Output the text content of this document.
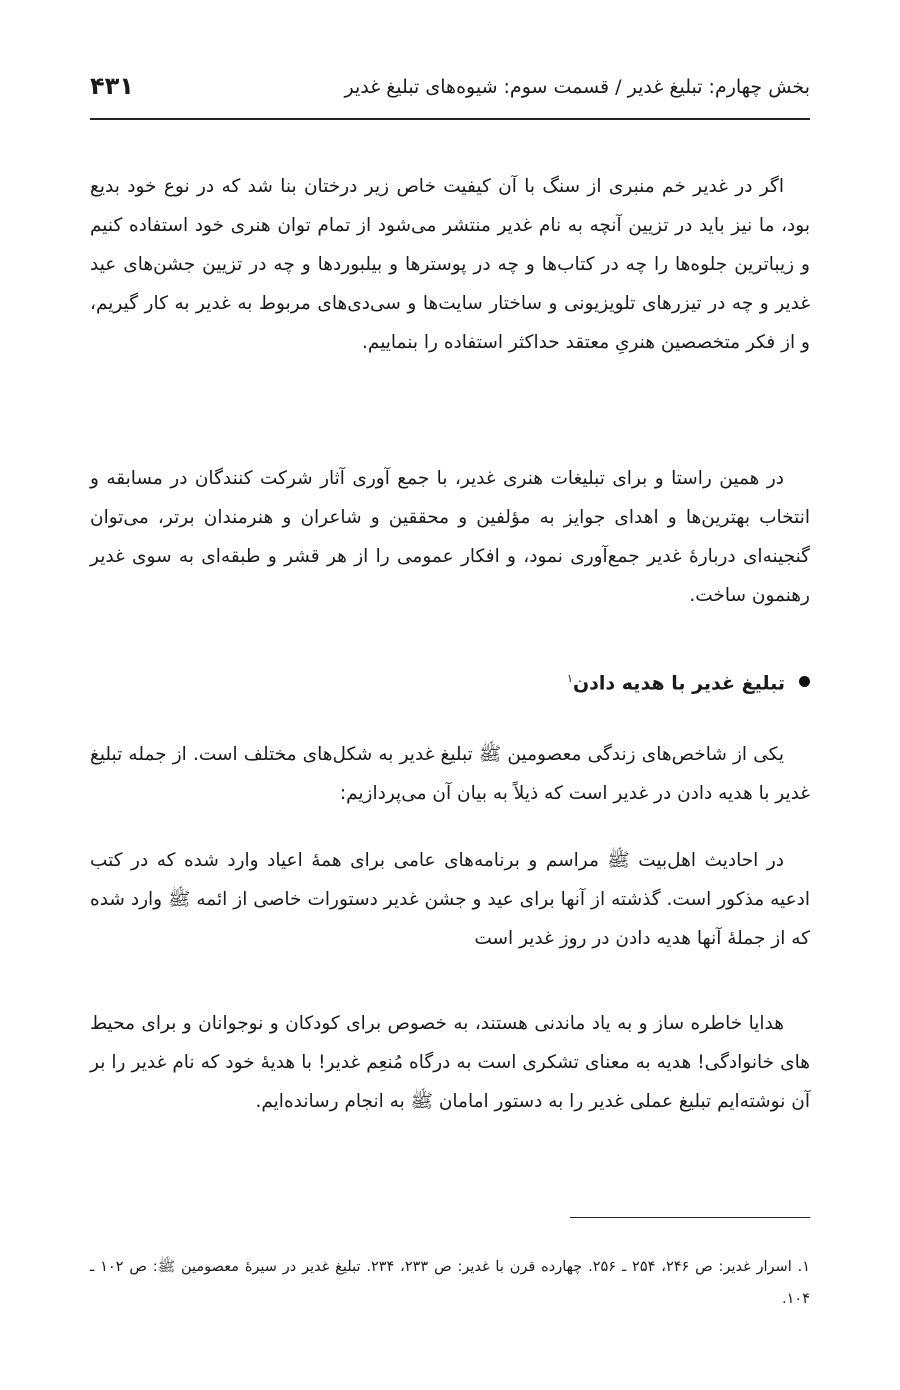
بخش چهارم: تبلیغ غدیر / قسمت سوم: شیوه‌های تبلیغ غدیر
۴۳۱

اگر در غدیر خم منبری از سنگ با آن کیفیت خاص زیر درختان بنا شد که در نوع خود بدیع بود، ما نیز باید در تزیین آنچه به نام غدیر منتشر می‌شود از تمام توان هنری خود استفاده کنیم و زیباترین جلوه‌ها را چه در کتاب‌ها و چه در پوسترها و بیلبوردها و چه در تزیین جشن‌های عید غدیر و چه در تیزرهای تلویزیونی و ساختار سایت‌ها و سی‌دی‌های مربوط به غدیر به کار گیریم، و از فکر متخصصین هنریِ معتقد حداکثر استفاده را بنماییم.

در همین راستا و برای تبلیغات هنری غدیر، با جمع آوری آثار شرکت کنندگان در مسابقه و انتخاب بهترین‌ها و اهدای جوایز به مؤلفین و محققین و شاعران و هنرمندان برتر، می‌توان گنجینه‌ای دربارهٔ غدیر جمع‌آوری نمود، و افکار عمومی را از هر قشر و طبقه‌ای به سوی غدیر رهنمون ساخت.

تبلیغ غدیر با هدیه دادن$^۱$

یکی از شاخص‌های زندگی معصومین ﷺ تبلیغ غدیر به شکل‌های مختلف است. از جمله تبلیغ غدیر با هدیه دادن در غدیر است که ذیلاً به بیان آن می‌پردازیم:

در احادیث اهل‌بیت ﷺ مراسم و برنامه‌های عامی برای همهٔ اعیاد وارد شده که در کتب ادعیه مذکور است. گذشته از آنها برای عید و جشن غدیر دستورات خاصی از ائمه ﷺ وارد شده که از جملهٔ آنها هدیه دادن در روز غدیر است

هدایا خاطره ساز و به یاد ماندنی هستند، به خصوص برای کودکان و نوجوانان و برای محیط های خانوادگی! هدیه به معنای تشکری است به درگاه مُنعِم غدیر! با هدیهٔ خود که نام غدیر را بر آن نوشته‌ایم تبلیغ عملی غدیر را به دستور امامان ﷺ به انجام رسانده‌ایم.

۱. اسرار غدیر: ص ۲۴۶، ۲۵۴ ـ ۲۵۶. چهارده قرن با غدیر: ص ۲۳۳، ۲۳۴. تبلیغ غدیر در سیرهٔ معصومین ﷺ: ص ۱۰۲ ـ ۱۰۴.
